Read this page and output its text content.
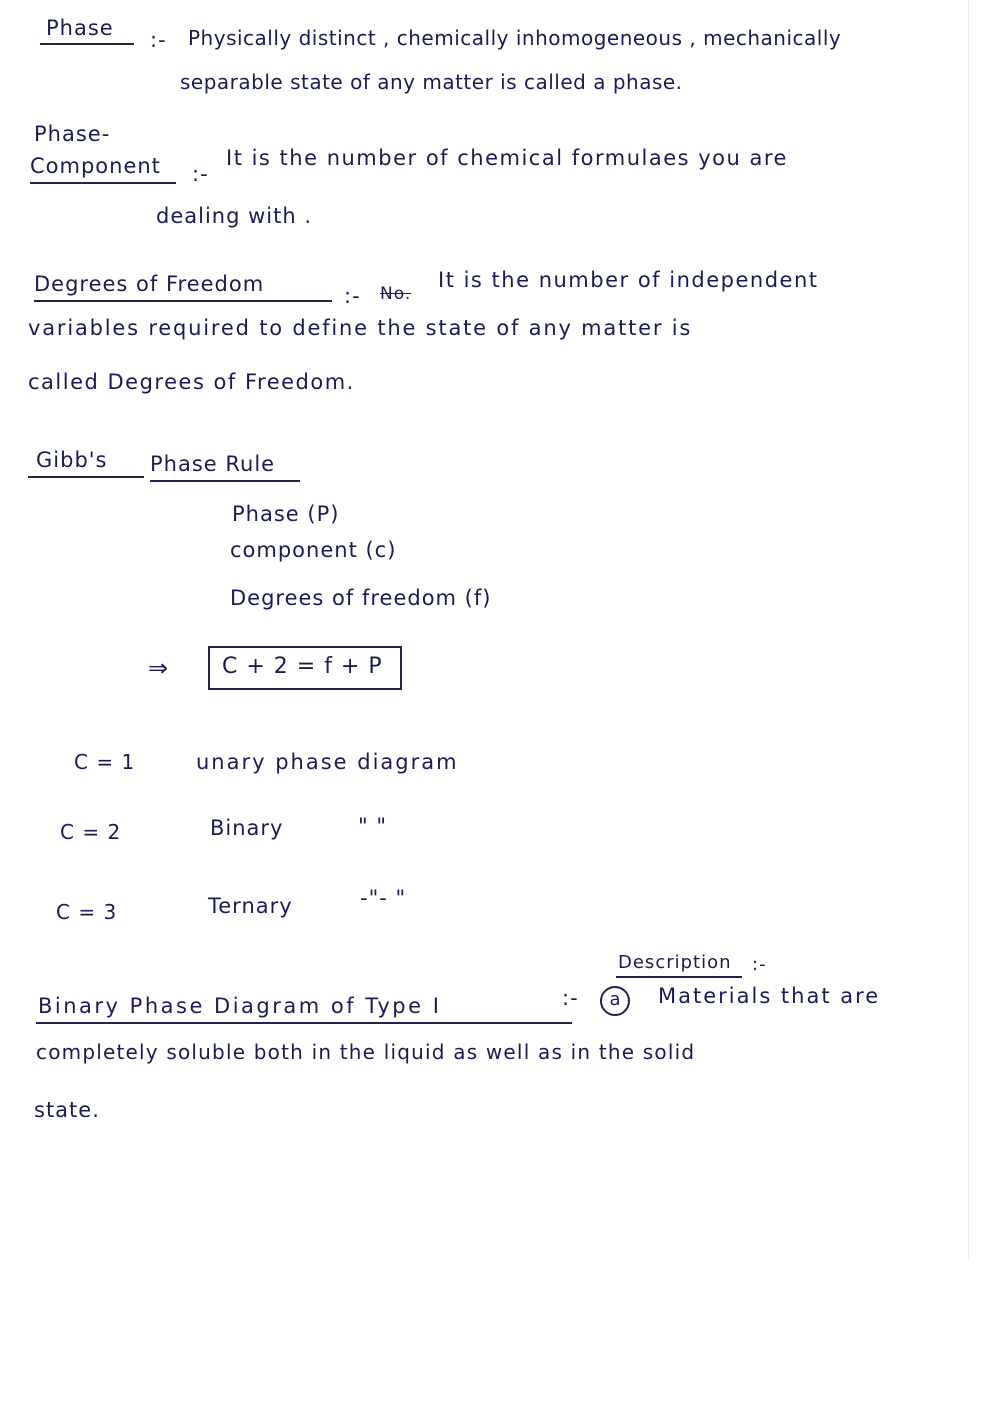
Phase :- Physically distinct , chemically inhomogeneous , mechanically
separable state of any matter is called a phase.
Phase-
Component :-
It is the number of chemical formulaes you are
dealing with .
Degrees of Freedom	:- No.
It is the number of independent
variables required to define the state of any matter is
called Degrees of Freedom.
Gibb's Phase Rule
Phase (P)
component (c)
Degrees of freedom (f)
⇒ C + 2 = f + P
C = 1	unary phase diagram
C = 2	Binary	" "
C = 3	Ternary	-"- "
Description :-
Binary Phase Diagram of Type I	:-	a	Materials that are
completely soluble both in the liquid as well as in the solid
state.
